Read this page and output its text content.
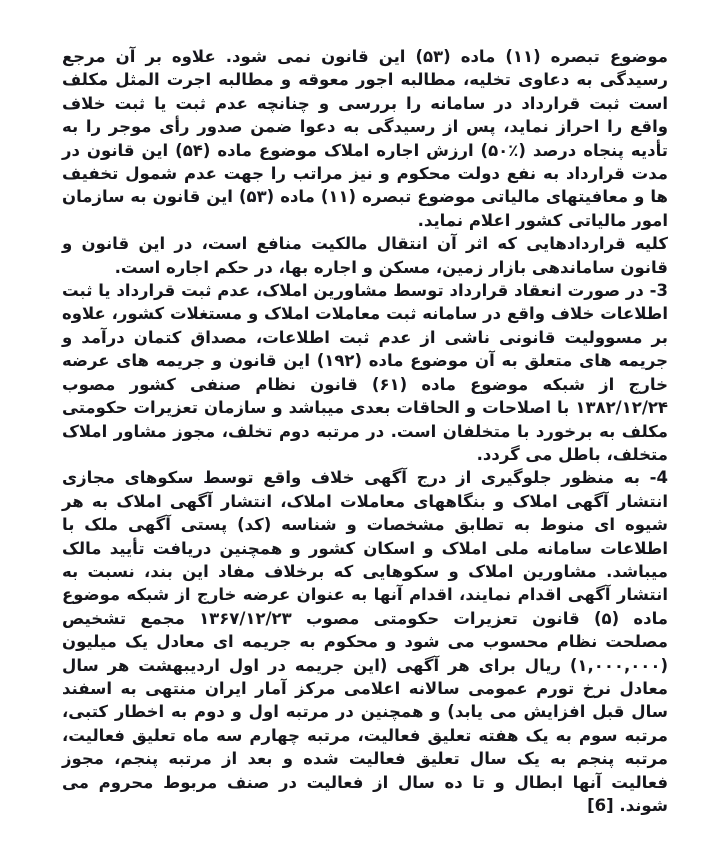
موضوع تبصره (۱۱) ماده (۵۳) این قانون نمی شود. علاوه بر آن مرجع رسیدگی به دعاوی تخلیه، مطالبه اجور معوقه و مطالبه اجرت المثل مکلف است ثبت قرارداد در سامانه را بررسی و چنانچه عدم ثبت یا ثبت خلاف واقع را احراز نماید، پس از رسیدگی به دعوا ضمن صدور رأی موجر را به تأدیه پنجاه درصد (٪۵۰) ارزش اجاره املاک موضوع ماده (۵۴) این قانون در مدت قرارداد به نفع دولت محکوم و نیز مراتب را جهت عدم شمول تخفیف ها و معافیتهای مالیاتی موضوع تبصره (۱۱) ماده (۵۳) این قانون به سازمان امور مالیاتی کشور اعلام نماید.

کلیه قراردادهایی که اثر آن انتقال مالکیت منافع است، در این قانون و قانون ساماندهی بازار زمین، مسکن و اجاره بها، در حکم اجاره است.

3- در صورت انعقاد قرارداد توسط مشاورین املاک، عدم ثبت قرارداد یا ثبت اطلاعات خلاف واقع در سامانه ثبت معاملات املاک و مستغلات کشور، علاوه بر مسوولیت قانونی ناشی از عدم ثبت اطلاعات، مصداق کتمان درآمد و جریمه های متعلق به آن موضوع ماده (۱۹۲) این قانون و جریمه های عرضه خارج از شبکه موضوع ماده (۶۱) قانون نظام صنفی کشور مصوب ۱۳۸۲/۱۲/۲۴ با اصلاحات و الحاقات بعدی میباشد و سازمان تعزیرات حکومتی مکلف به برخورد با متخلفان است. در مرتبه دوم تخلف، مجوز مشاور املاک متخلف، باطل می گردد.

4- به منظور جلوگیری از درج آگهی خلاف واقع توسط سکوهای مجازی انتشار آگهی املاک و بنگاههای معاملات املاک، انتشار آگهی املاک به هر شیوه ای منوط به تطابق مشخصات و شناسه (کد) پستی آگهی ملک با اطلاعات سامانه ملی املاک و اسکان کشور و همچنین دریافت تأیید مالک میباشد. مشاورین املاک و سکوهایی که برخلاف مفاد این بند، نسبت به انتشار آگهی اقدام نمایند، اقدام آنها به عنوان عرضه خارج از شبکه موضوع ماده (۵) قانون تعزیرات حکومتی مصوب ۱۳۶۷/۱۲/۲۳ مجمع تشخیص مصلحت نظام محسوب می شود و محکوم به جریمه ای معادل یک میلیون (۱,۰۰۰,۰۰۰) ریال برای هر آگهی (این جریمه در اول اردیبهشت هر سال معادل نرخ تورم عمومی سالانه اعلامی مرکز آمار ایران منتهی به اسفند سال قبل افزایش می یابد) و همچنین در مرتبه اول و دوم به اخطار کتبی، مرتبه سوم به یک هفته تعلیق فعالیت، مرتبه چهارم سه ماه تعلیق فعالیت، مرتبه پنجم به یک سال تعلیق فعالیت شده و بعد از مرتبه پنجم، مجوز فعالیت آنها ابطال و تا ده سال از فعالیت در صنف مربوط محروم می شوند. [6]
